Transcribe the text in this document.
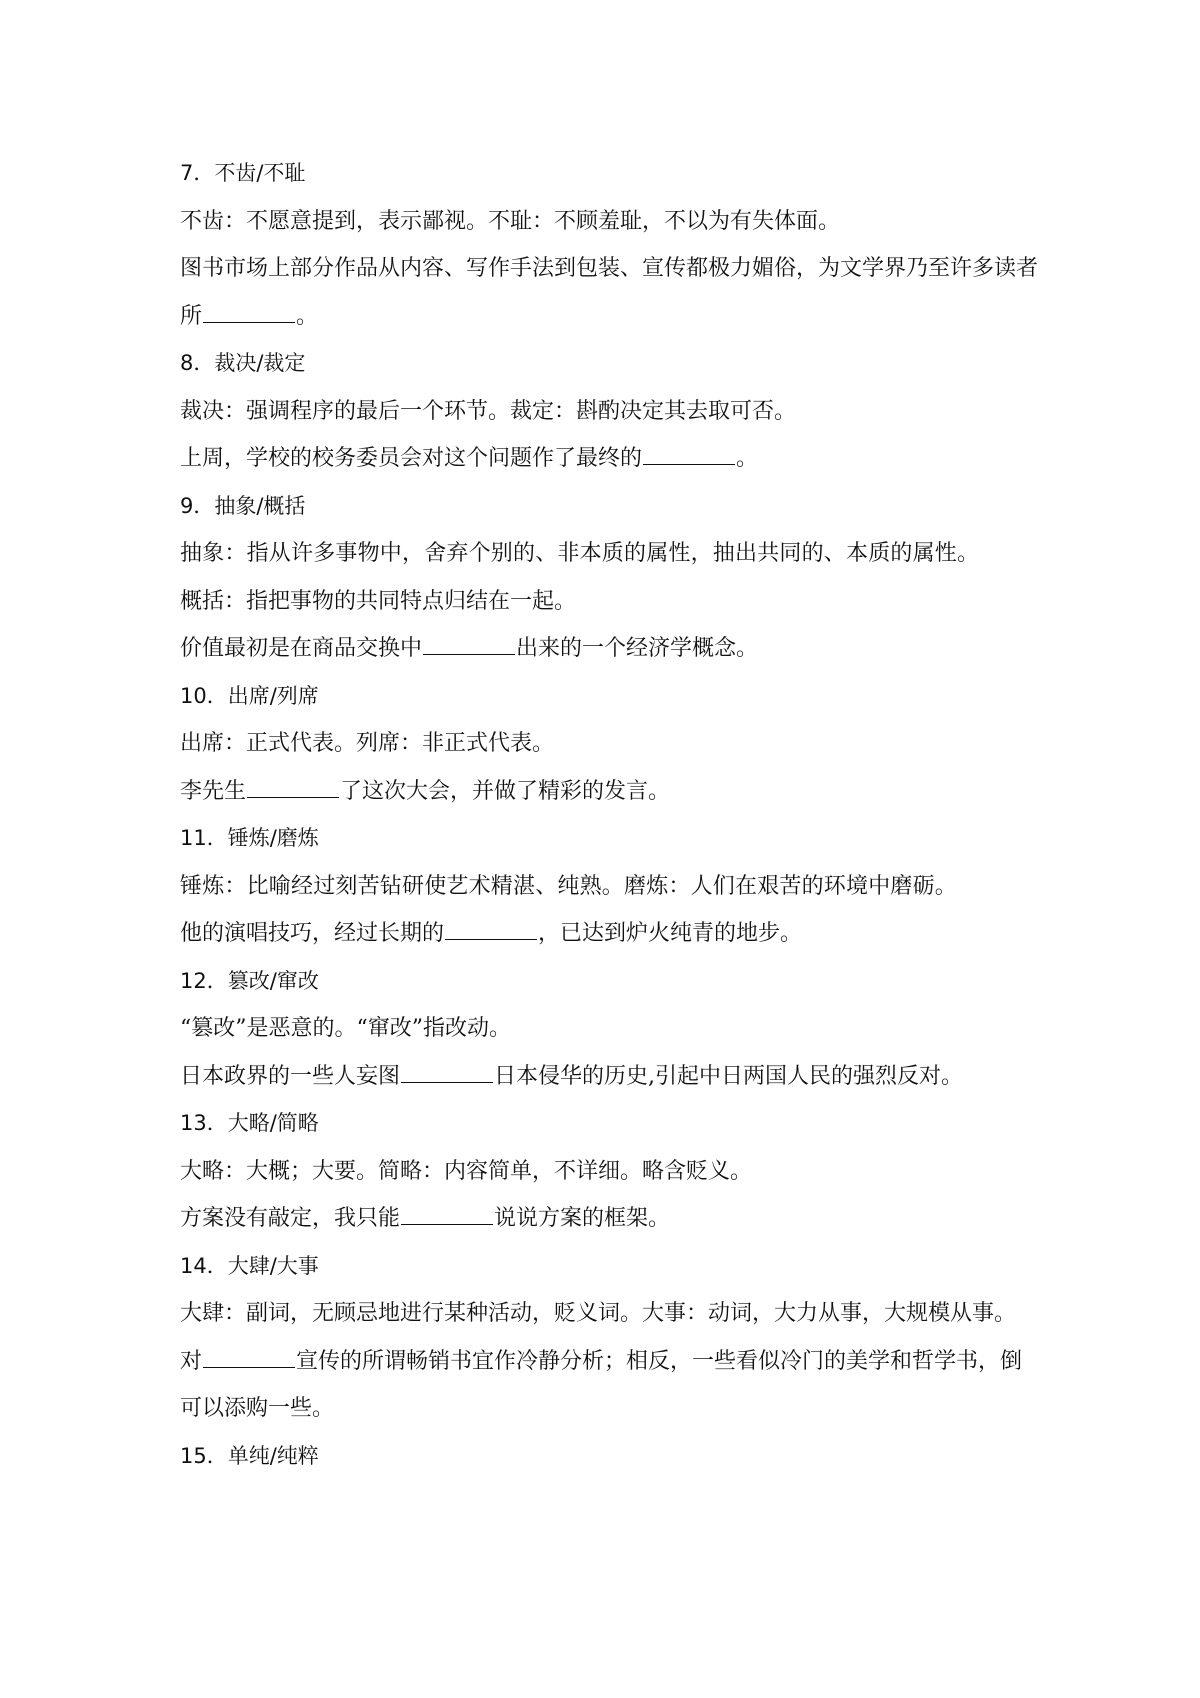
7．不齿/不耻
不齿：不愿意提到，表示鄙视。不耻：不顾羞耻，不以为有失体面。
图书市场上部分作品从内容、写作手法到包装、宣传都极力媚俗，为文学界乃至许多读者所	。
8．裁决/裁定
裁决：强调程序的最后一个环节。裁定：斟酌决定其去取可否。
上周，学校的校务委员会对这个问题作了最终的	。
9．抽象/概括
抽象：指从许多事物中，舍弃个别的、非本质的属性，抽出共同的、本质的属性。
概括：指把事物的共同特点归结在一起。
价值最初是在商品交换中	出来的一个经济学概念。
10．出席/列席
出席：正式代表。列席：非正式代表。
李先生	了这次大会，并做了精彩的发言。
11．锤炼/磨炼
锤炼：比喻经过刻苦钻研使艺术精湛、纯熟。磨炼：人们在艰苦的环境中磨砺。
他的演唱技巧，经过长期的	，已达到炉火纯青的地步。
12．篡改/窜改
“篡改”是恶意的。“窜改”指改动。
日本政界的一些人妄图	日本侵华的历史,引起中日两国人民的强烈反对。
13．大略/简略
大略：大概；大要。简略：内容简单，不详细。略含贬义。
方案没有敲定，我只能	说说方案的框架。
14．大肆/大事
大肆：副词，无顾忌地进行某种活动，贬义词。大事：动词，大力从事，大规模从事。
对	宣传的所谓畅销书宜作冷静分析；相反，一些看似冷门的美学和哲学书，倒可以添购一些。
15．单纯/纯粹
